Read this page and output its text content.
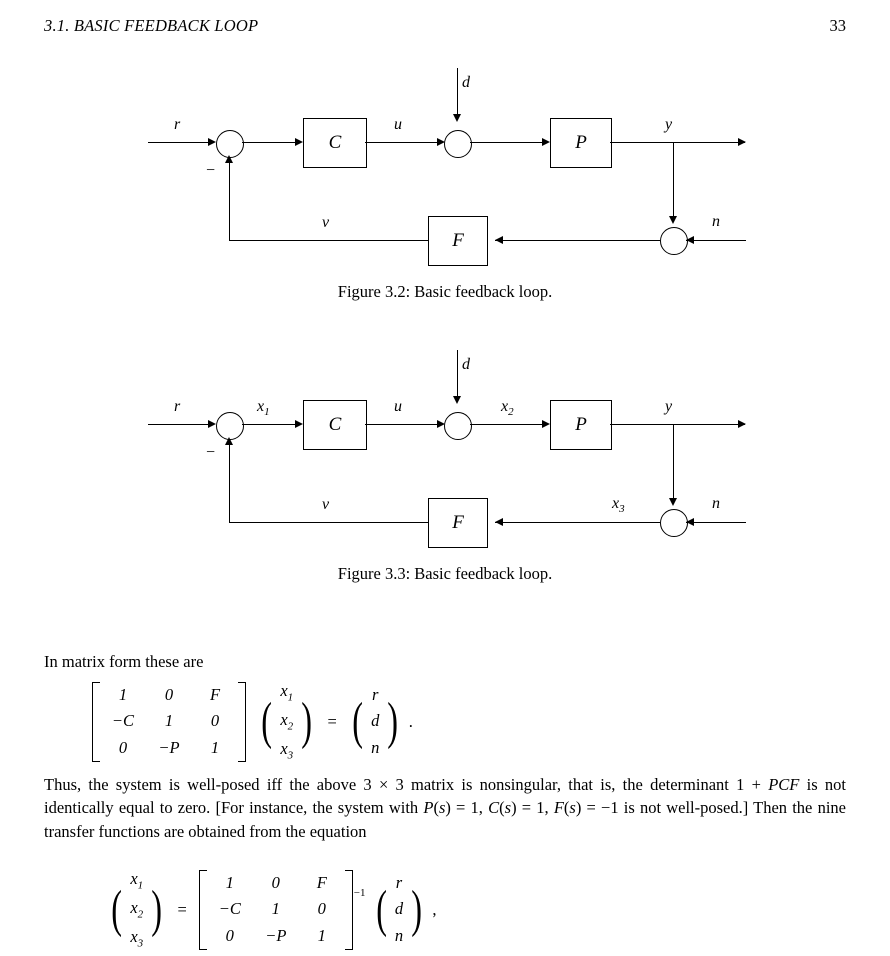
3.1. BASIC FEEDBACK LOOP	33
r
−
C
u
d
P
y
n
F
v
Figure 3.2: Basic feedback loop.
r
−
$x_1$
C
u
d
$x_2$
P
y
$x_3$	n
F
v
Figure 3.3: Basic feedback loop.
In matrix form these are
1	0	F
−C	1	0
0	−P	1 (
$x_1$
$x_2$
$x_3$
) = ( r
d
n ) .
Thus, the system is well-posed iff the above 3 × 3 matrix is nonsingular, that is, the determinant 1 + PCF is not identically equal to zero. [For instance, the system with P(s) = 1, C(s) = 1, F(s) = −1 is not well-posed.] Then the nine transfer functions are obtained from the equation
(
$x_1$
$x_2$
$x_3$
) =
1	0	F
−C	1	0
0	−P	1
−1 ( r
d
n ) ,
